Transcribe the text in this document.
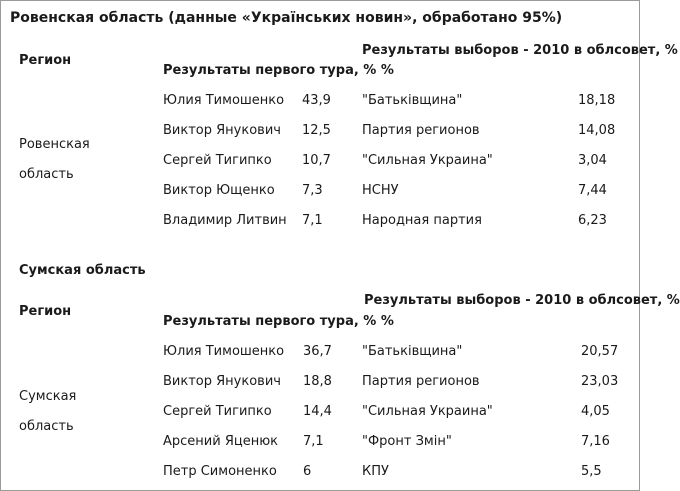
Ровенская область (данные «Українських новин», обработано 95%)
Регион
Результаты выборов - 2010 в облсовет, %
Результаты первого тура, % %
Ровенская
область
Юлия Тимошенко 43,9 "Батьківщина"	18,18
Виктор Янукович 12,5 Партия регионов	14,08
Сергей Тигипко 10,7 "Сильная Украина"	3,04
Виктор Ющенко 7,3	НСНУ	7,44
Владимир Литвин 7,1	Народная партия	6,23
Сумская область
Регион
Результаты выборов - 2010 в облсовет, %
Результаты первого тура, % %
Сумская
область
Юлия Тимошенко 36,7 "Батьківщина"	20,57
Виктор Янукович 18,8 Партия регионов	23,03
Сергей Тигипко 14,4 "Сильная Украина"	4,05
Арсений Яценюк 7,1	"Фронт Змін"	7,16
Петр Симоненко 6	КПУ	5,5
